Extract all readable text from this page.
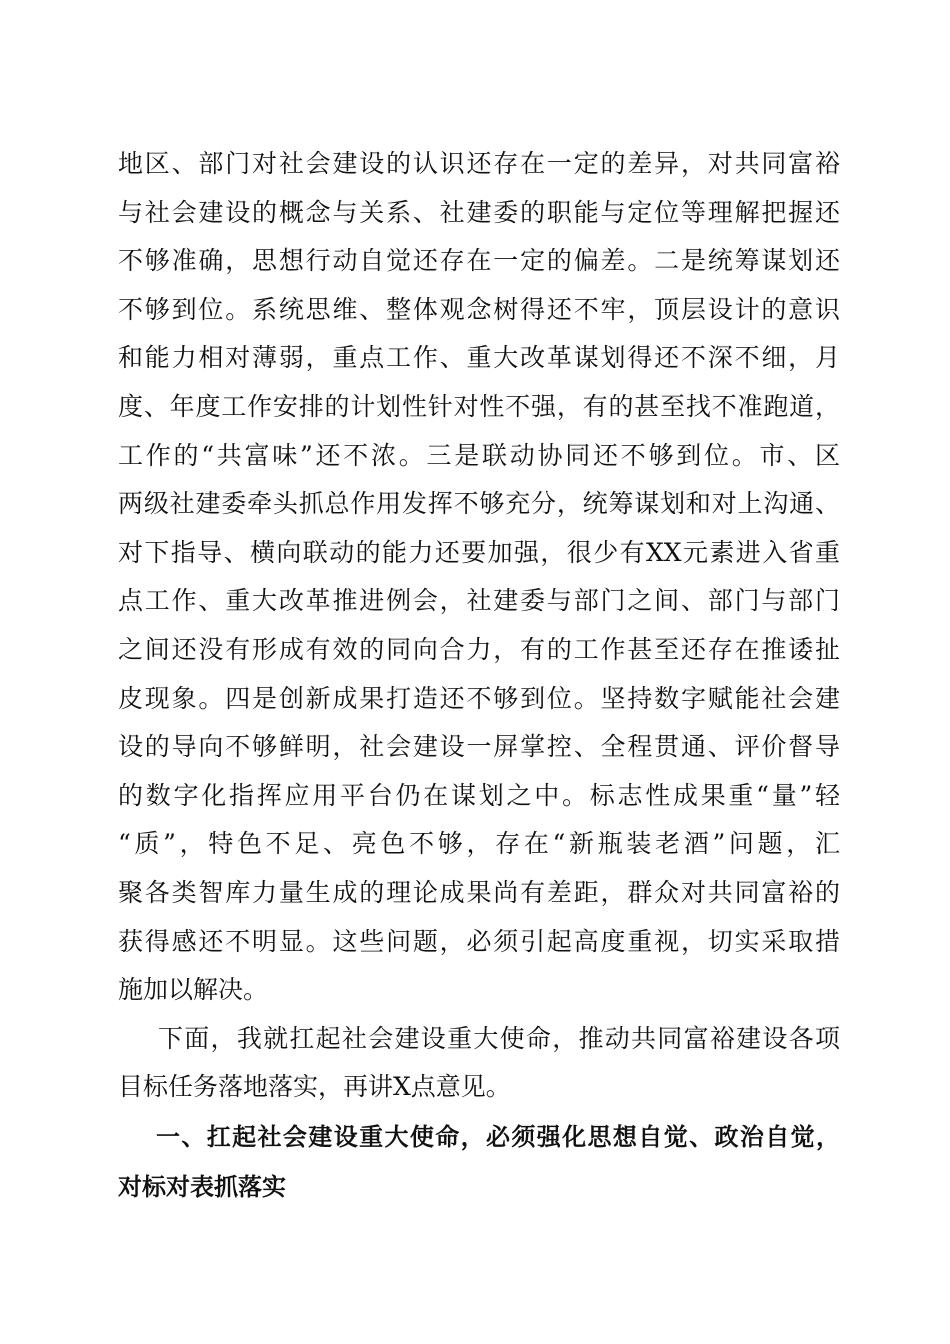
地区、部门对社会建设的认识还存在一定的差异，对共同富裕
与社会建设的概念与关系、社建委的职能与定位等理解把握还
不够准确，思想行动自觉还存在一定的偏差。二是统筹谋划还
不够到位。系统思维、整体观念树得还不牢，顶层设计的意识
和能力相对薄弱，重点工作、重大改革谋划得还不深不细，月
度、年度工作安排的计划性针对性不强，有的甚至找不准跑道，
工作的“共富味”还不浓。三是联动协同还不够到位。市、区
两级社建委牵头抓总作用发挥不够充分，统筹谋划和对上沟通、
对下指导、横向联动的能力还要加强，很少有XX元素进入省重
点工作、重大改革推进例会，社建委与部门之间、部门与部门
之间还没有形成有效的同向合力，有的工作甚至还存在推诿扯
皮现象。四是创新成果打造还不够到位。坚持数字赋能社会建
设的导向不够鲜明，社会建设一屏掌控、全程贯通、评价督导
的数字化指挥应用平台仍在谋划之中。标志性成果重“量”轻
“质”，特色不足、亮色不够，存在“新瓶装老酒”问题，汇
聚各类智库力量生成的理论成果尚有差距，群众对共同富裕的
获得感还不明显。这些问题，必须引起高度重视，切实采取措
施加以解决。
下面，我就扛起社会建设重大使命，推动共同富裕建设各项
目标任务落地落实，再讲X点意见。
一、扛起社会建设重大使命，必须强化思想自觉、政治自觉，
对标对表抓落实
